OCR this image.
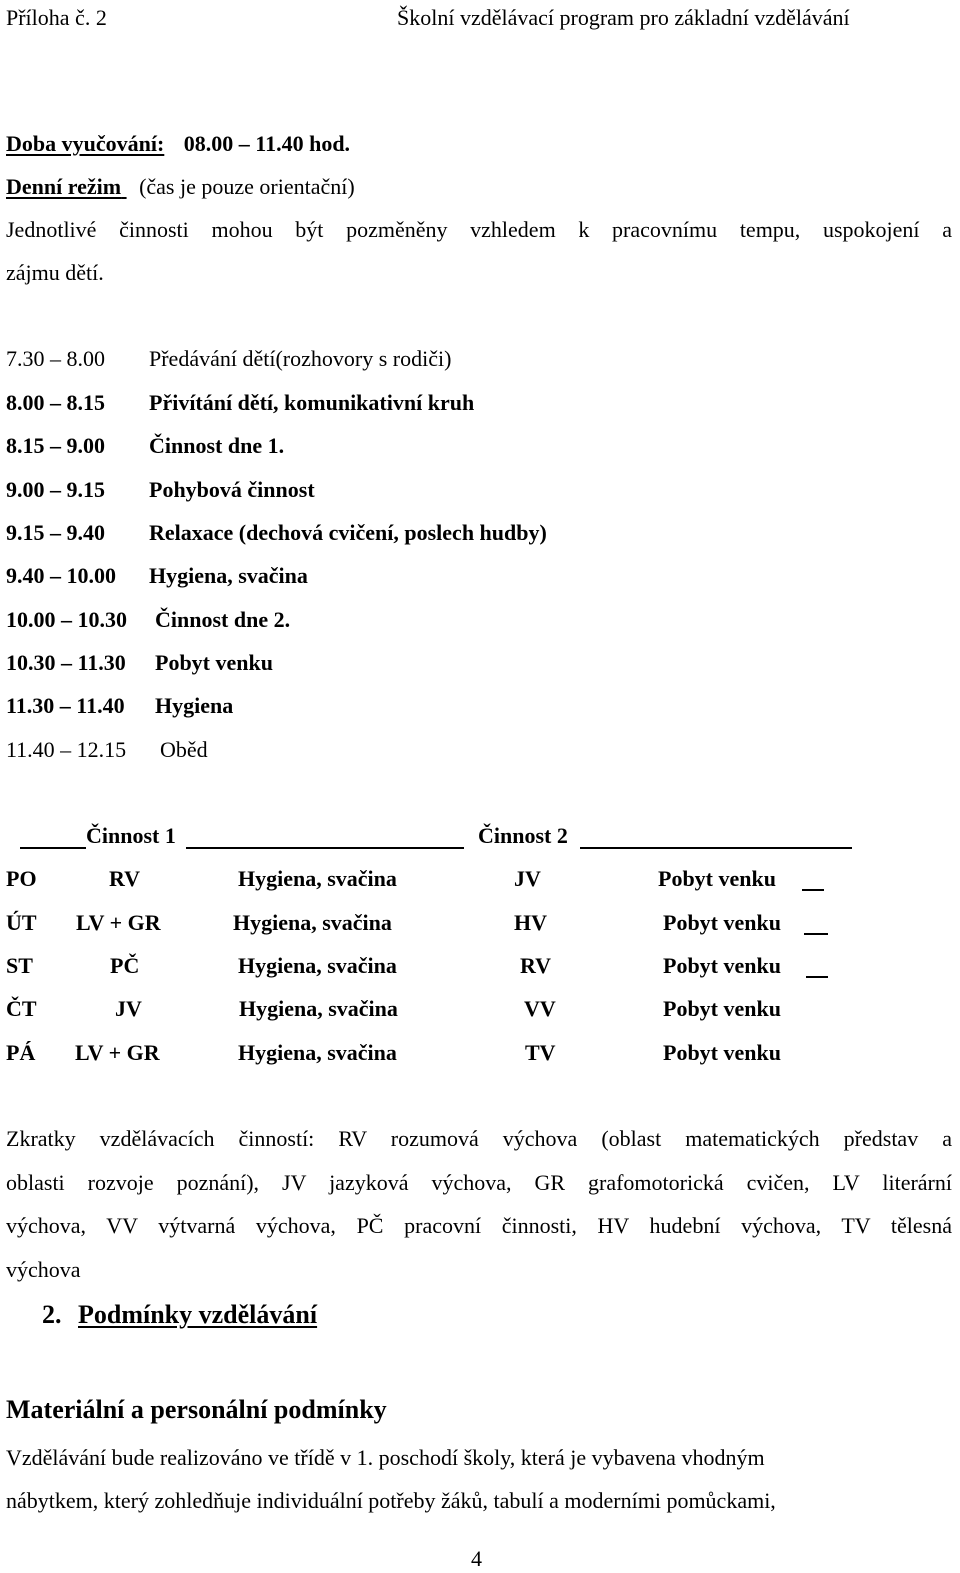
Příloha č. 2	Školní vzdělávací program pro základní vzdělávání
Doba vyučování: 08.00 – 11.40 hod.
Denní režim (čas je pouze orientační)
Jednotlivé činnosti mohou být pozměněny vzhledem k pracovnímu tempu, uspokojení a
zájmu dětí.
7.30 – 8.00 Předávání dětí(rozhovory s rodiči)
8.00 – 8.15 Přivítání dětí, komunikativní kruh
8.15 – 9.00 Činnost dne 1.
9.00 – 9.15 Pohybová činnost
9.15 – 9.40 Relaxace (dechová cvičení, poslech hudby)
9.40 – 10.00 Hygiena, svačina
10.00 – 10.30 Činnost dne 2.
10.30 – 11.30 Pobyt venku
11.30 – 11.40 Hygiena
11.40 – 12.15 Oběd
Činnost 1	Činnost 2
PO	RV	Hygiena, svačina	JV	Pobyt venku
ÚT LV + GR	Hygiena, svačina	HV	Pobyt venku
ST	PČ	Hygiena, svačina	RV	Pobyt venku
ČT	JV	Hygiena, svačina	VV	Pobyt venku
PÁ LV + GR	Hygiena, svačina	TV	Pobyt venku
Zkratky vzdělávacích činností: RV rozumová výchova (oblast matematických představ a
oblasti rozvoje poznání), JV jazyková výchova, GR grafomotorická cvičen, LV literární
výchova, VV výtvarná výchova, PČ pracovní činnosti, HV hudební výchova, TV tělesná
výchova
2. Podmínky vzdělávání
Materiální a personální podmínky
Vzdělávání bude realizováno ve třídě v 1. poschodí školy, která je vybavena vhodným
nábytkem, který zohledňuje individuální potřeby žáků, tabulí a moderními pomůckami,
4
